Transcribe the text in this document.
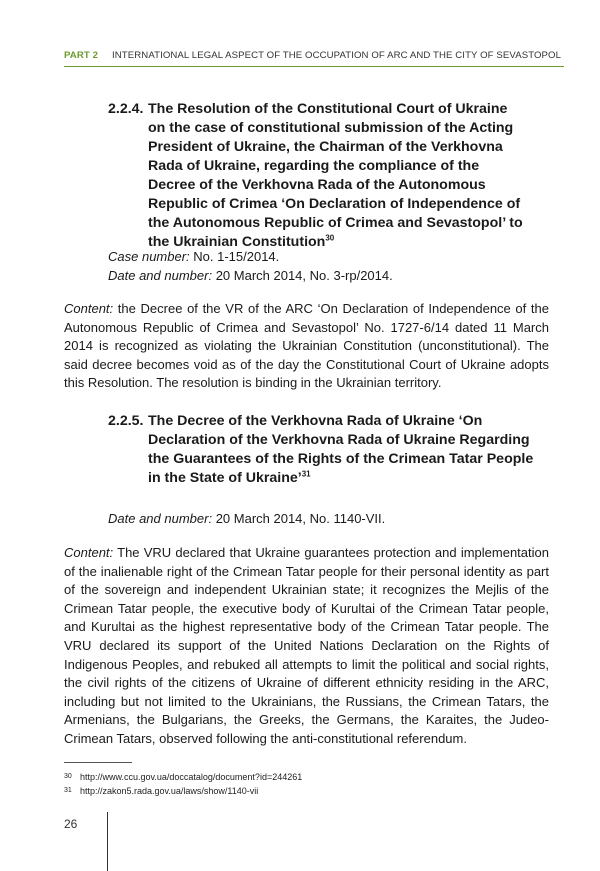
PART 2 INTERNATIONAL LEGAL ASPECT OF THE OCCUPATION OF ARC AND THE CITY OF SEVASTOPOL
2.2.4. The Resolution of the Constitutional Court of Ukraine on the case of constitutional submission of the Acting President of Ukraine, the Chairman of the Verkhovna Rada of Ukraine, regarding the compliance of the Decree of the Verkhovna Rada of the Autonomous Republic of Crimea ‘On Declaration of Independence of the Autonomous Republic of Crimea and Sevastopol’ to the Ukrainian Constitution$^{30}$
Case number: No. 1-15/2014.
Date and number: 20 March 2014, No. 3-rp/2014.
Content: the Decree of the VR of the ARC ‘On Declaration of Independence of the Autonomous Republic of Crimea and Sevastopol’ No. 1727-6/14 dated 11 March 2014 is recognized as violating the Ukrainian Constitution (unconstitutional). The said decree becomes void as of the day the Constitutional Court of Ukraine adopts this Resolution. The resolution is binding in the Ukrainian territory.
2.2.5. The Decree of the Verkhovna Rada of Ukraine ‘On Declaration of the Verkhovna Rada of Ukraine Regarding the Guarantees of the Rights of the Crimean Tatar People in the State of Ukraine’$^{31}$
Date and number: 20 March 2014, No. 1140-VII.
Content: The VRU declared that Ukraine guarantees protection and implementation of the inalienable right of the Crimean Tatar people for their personal identity as part of the sovereign and independent Ukrainian state; it recognizes the Mejlis of the Crimean Tatar people, the executive body of Kurultai of the Crimean Tatar people, and Kurultai as the highest representative body of the Crimean Tatar people. The VRU declared its support of the United Nations Declaration on the Rights of Indigenous Peoples, and rebuked all attempts to limit the political and social rights, the civil rights of the citizens of Ukraine of different ethnicity residing in the ARC, including but not limited to the Ukrainians, the Russians, the Crimean Tatars, the Armenians, the Bulgarians, the Greeks, the Germans, the Karaites, the Judeo-Crimean Tatars, observed following the anti-constitutional referendum.
30 http://www.ccu.gov.ua/doccatalog/document?id=244261
31 http://zakon5.rada.gov.ua/laws/show/1140-vii
26
